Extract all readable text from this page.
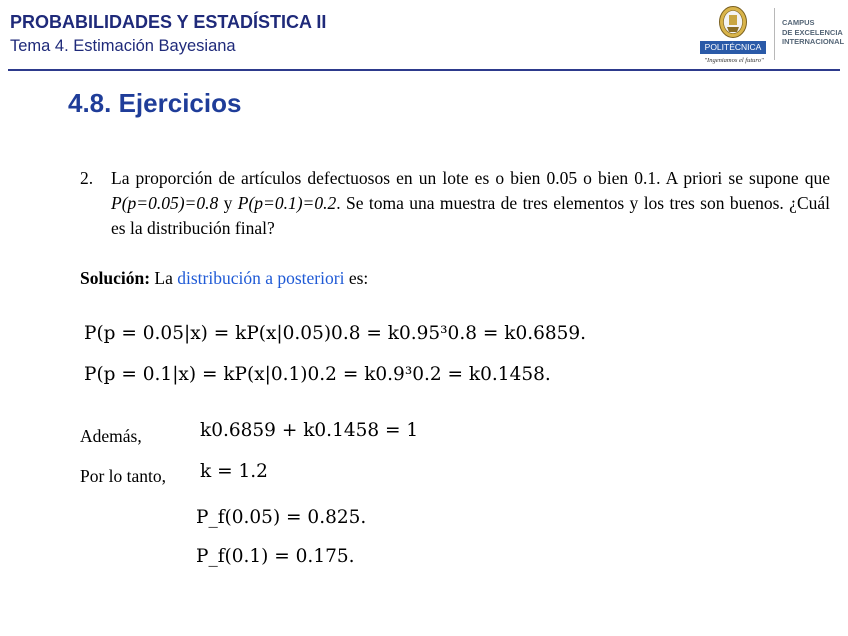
PROBABILIDADES Y ESTADÍSTICA II
Tema 4. Estimación Bayesiana	POLITÉCNICA
"Ingeniamos el futuro"
CAMPUS
DE EXCELENCIA
INTERNACIONAL
4.8. Ejercicios
2. La proporción de artículos defectuosos en un lote es o bien 0.05 o bien 0.1. A priori se supone que P(p=0.05)=0.8 y P(p=0.1)=0.2. Se toma una muestra de tres elementos y los tres son buenos. ¿Cuál es la distribución final?
Solución: La distribución a posteriori es:
P(p = 0.05|x) = kP(x|0.05)0.8 = k0.95³0.8 = k0.6859.
P(p = 0.1|x) = kP(x|0.1)0.2 = k0.9³0.2 = k0.1458.
Además,	k0.6859 + k0.1458 = 1
Por lo tanto, k = 1.2
P_f(0.05) = 0.825.
P_f(0.1) = 0.175.
